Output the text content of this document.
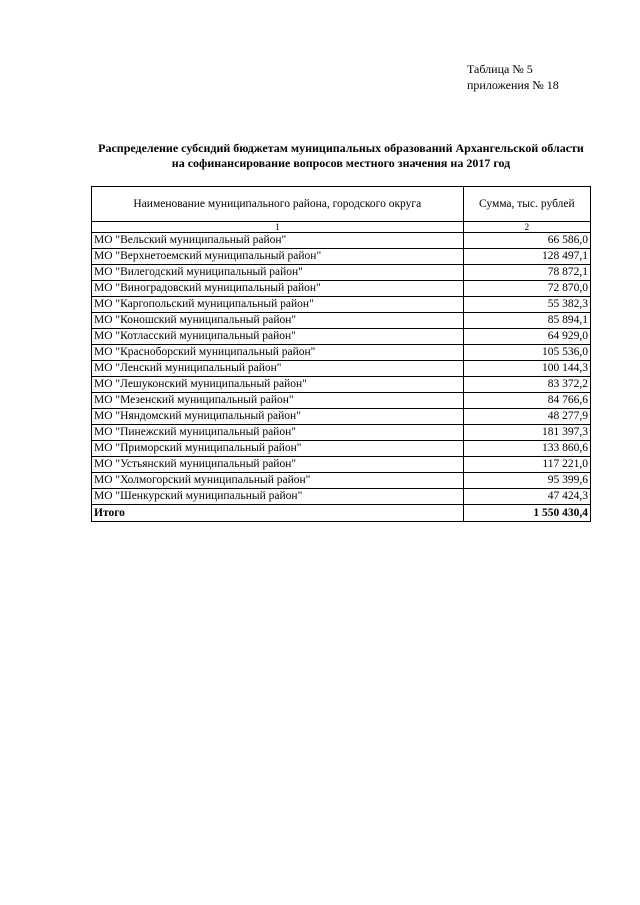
Таблица № 5
приложения № 18
Распределение субсидий бюджетам муниципальных образований Архангельской области на софинансирование вопросов местного значения на 2017 год
Наименование муниципального района, городского округа	Сумма, тыс. рублей
1	2
МО "Вельский муниципальный район"	66 586,0
МО "Верхнетоемский муниципальный район"	128 497,1
МО "Вилегодский муниципальный район"	78 872,1
МО "Виноградовский муниципальный район"	72 870,0
МО "Каргопольский муниципальный район"	55 382,3
МО "Коношский муниципальный район"	85 894,1
МО "Котласский муниципальный район"	64 929,0
МО "Красноборский муниципальный район"	105 536,0
МО "Ленский муниципальный район"	100 144,3
МО "Лешуконский муниципальный район"	83 372,2
МО "Мезенский муниципальный район"	84 766,6
МО "Няндомский муниципальный район"	48 277,9
МО "Пинежский муниципальный район"	181 397,3
МО "Приморский муниципальный район"	133 860,6
МО "Устьянский муниципальный район"	117 221,0
МО "Холмогорский муниципальный район"	95 399,6
МО "Шенкурский муниципальный район"	47 424,3
Итого	1 550 430,4
